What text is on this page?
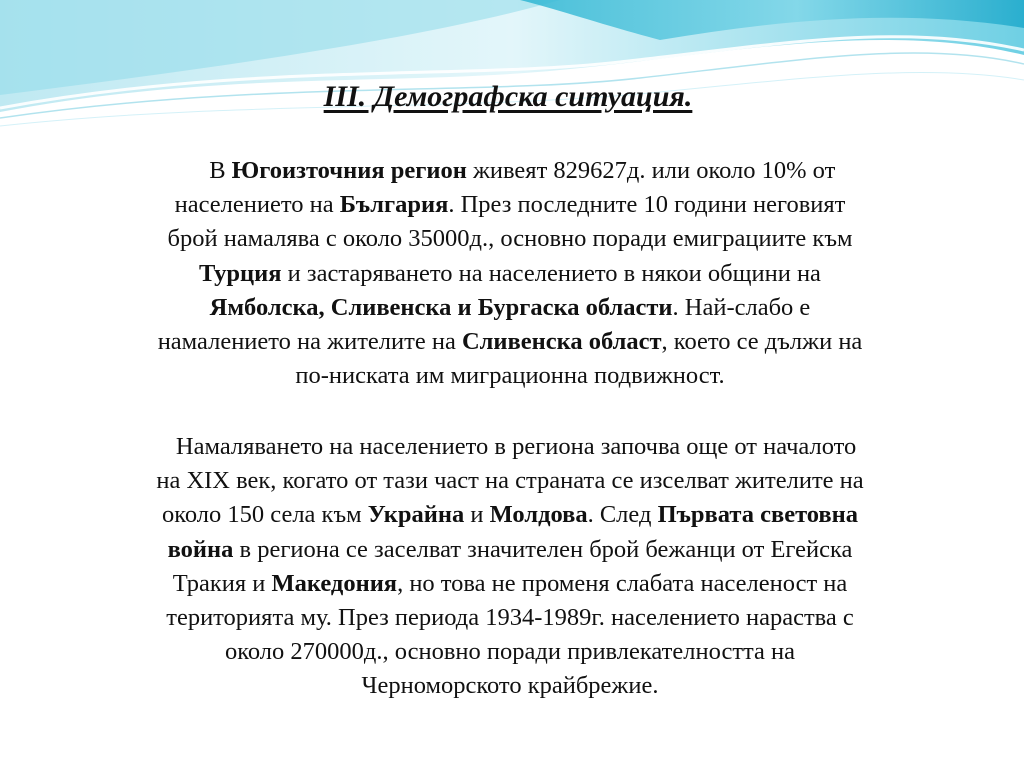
III. Демографска ситуация.
В Югоизточния регион живеят 829627д. или около 10% от
населението на България. През последните 10 години неговият
брой намалява с около 35000д., основно поради емиграциите към
Турция и застаряването на населението в някои общини на
Ямболска, Сливенска и Бургаска области. Най-слабо е
намалението на жителите на Сливенска област, което се дължи на
по-ниската им миграционна подвижност.
Намаляването на населението в региона започва още от началото
на XIX век, когато от тази част на страната се изселват жителите на
около 150 села към Украйна и Молдова. След Първата световна
война в региона се заселват значителен брой бежанци от Егейска
Тракия и Македония, но това не променя слабата населеност на
територията му. През периода 1934-1989г. населението нараства с
около 270000д., основно поради привлекателността на
Черноморското крайбрежие.
